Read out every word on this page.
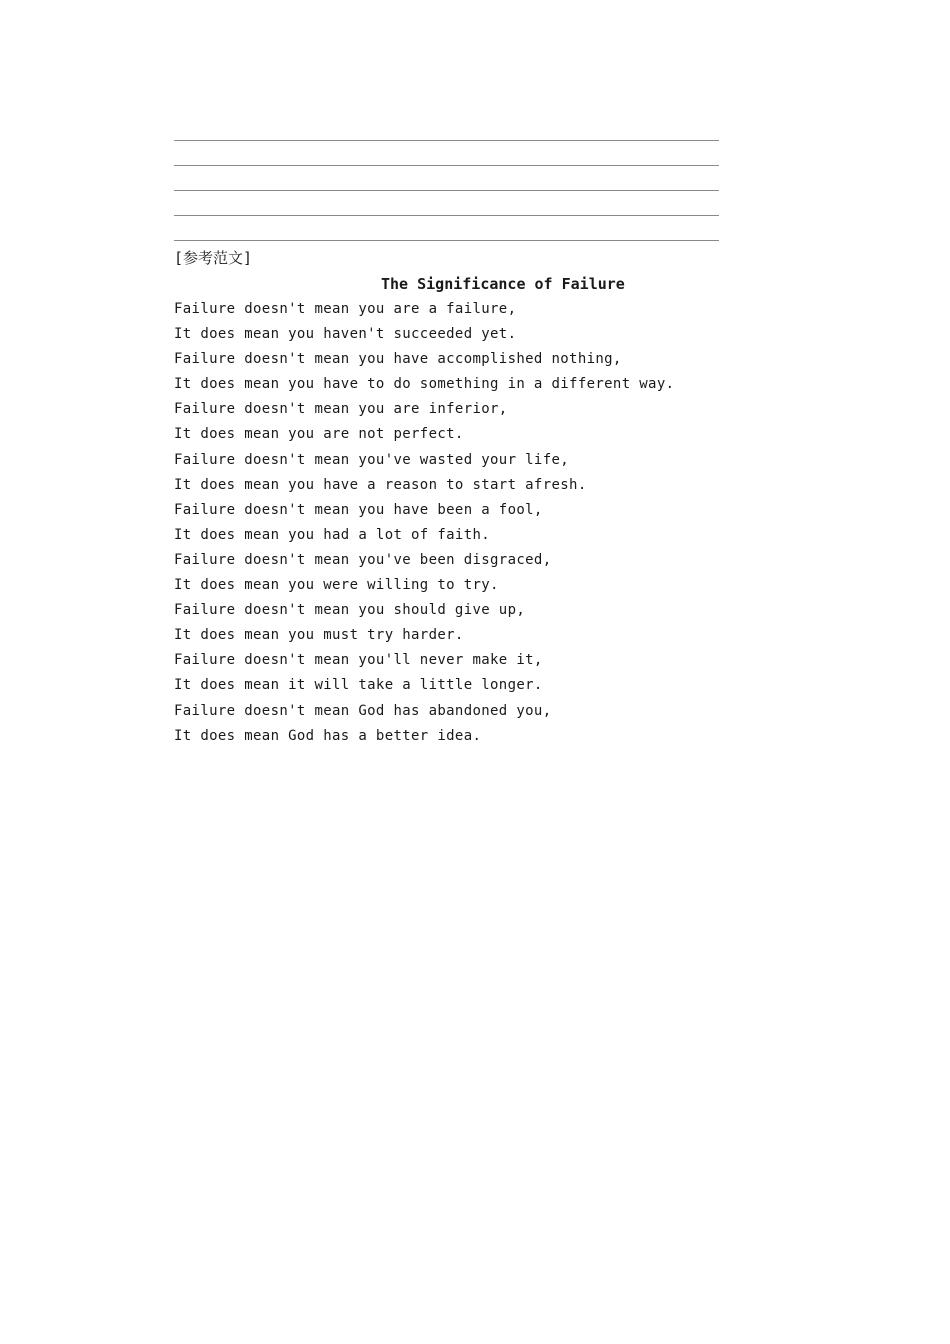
[参考范文]
The Significance of Failure
Failure doesn't mean you are a failure,
It does mean you haven't succeeded yet.
Failure doesn't mean you have accomplished nothing,
It does mean you have to do something in a different way.
Failure doesn't mean you are inferior,
It does mean you are not perfect.
Failure doesn't mean you've wasted your life,
It does mean you have a reason to start afresh.
Failure doesn't mean you have been a fool,
It does mean you had a lot of faith.
Failure doesn't mean you've been disgraced,
It does mean you were willing to try.
Failure doesn't mean you should give up,
It does mean you must try harder.
Failure doesn't mean you'll never make it,
It does mean it will take a little longer.
Failure doesn't mean God has abandoned you,
It does mean God has a better idea.
